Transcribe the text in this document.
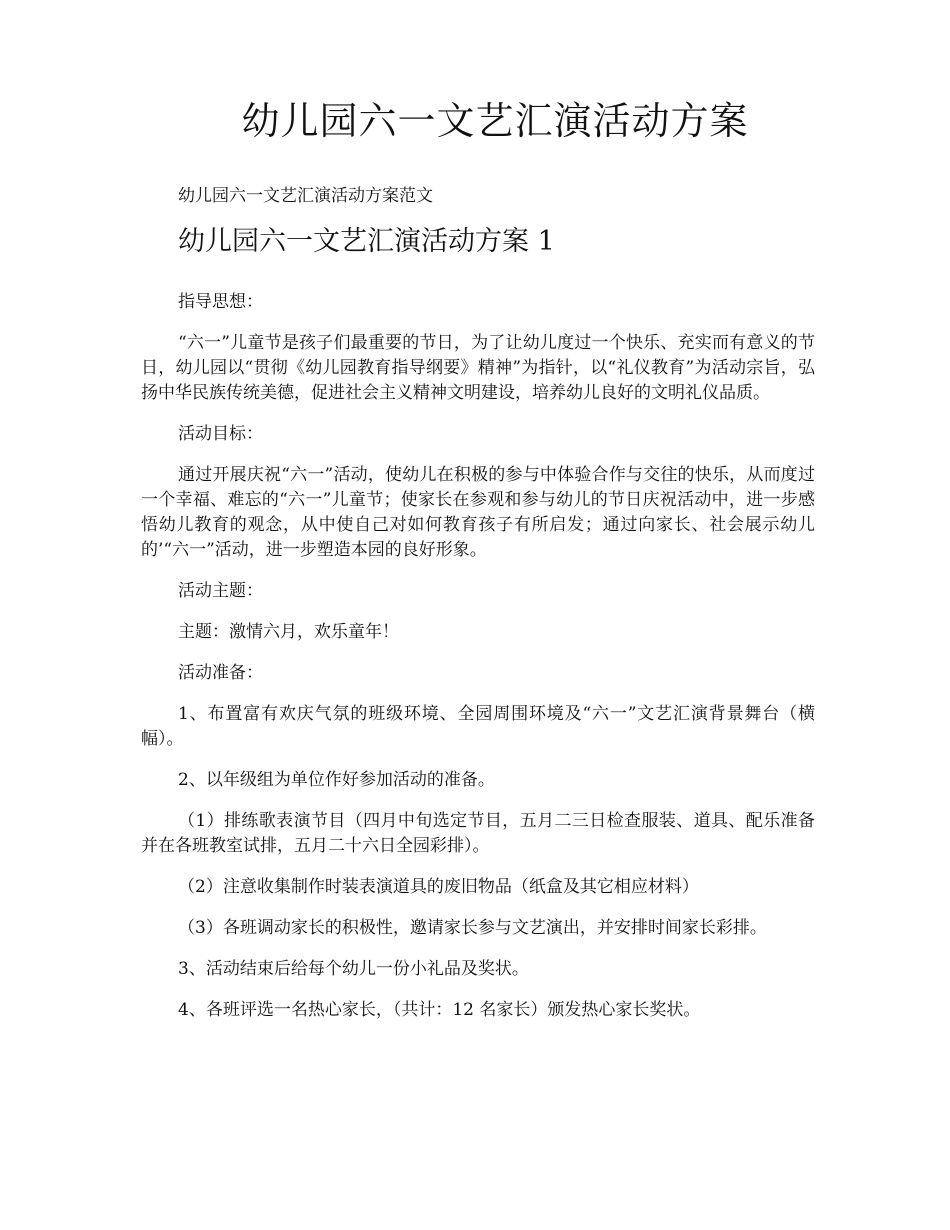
幼儿园六一文艺汇演活动方案
幼儿园六一文艺汇演活动方案范文
幼儿园六一文艺汇演活动方案 1

指导思想：

“六一”儿童节是孩子们最重要的节日，为了让幼儿度过一个快乐、充实而有意义的节日，幼儿园以“贯彻《幼儿园教育指导纲要》精神”为指针，以“礼仪教育”为活动宗旨，弘扬中华民族传统美德，促进社会主义精神文明建设，培养幼儿良好的文明礼仪品质。

活动目标：

通过开展庆祝“六一”活动，使幼儿在积极的参与中体验合作与交往的快乐，从而度过一个幸福、难忘的“六一”儿童节；使家长在参观和参与幼儿的节日庆祝活动中，进一步感悟幼儿教育的观念，从中使自己对如何教育孩子有所启发；通过向家长、社会展示幼儿的’“六一”活动，进一步塑造本园的良好形象。

活动主题：

主题：激情六月，欢乐童年！

活动准备：

1、布置富有欢庆气氛的班级环境、全园周围环境及“六一”文艺汇演背景舞台（横幅）。

2、以年级组为单位作好参加活动的准备。

（1）排练歌表演节目（四月中旬选定节目，五月二三日检查服装、道具、配乐准备并在各班教室试排，五月二十六日全园彩排）。

（2）注意收集制作时装表演道具的废旧物品（纸盒及其它相应材料）

（3）各班调动家长的积极性，邀请家长参与文艺演出，并安排时间家长彩排。

3、活动结束后给每个幼儿一份小礼品及奖状。

4、各班评选一名热心家长，（共计：12 名家长）颁发热心家长奖状。
